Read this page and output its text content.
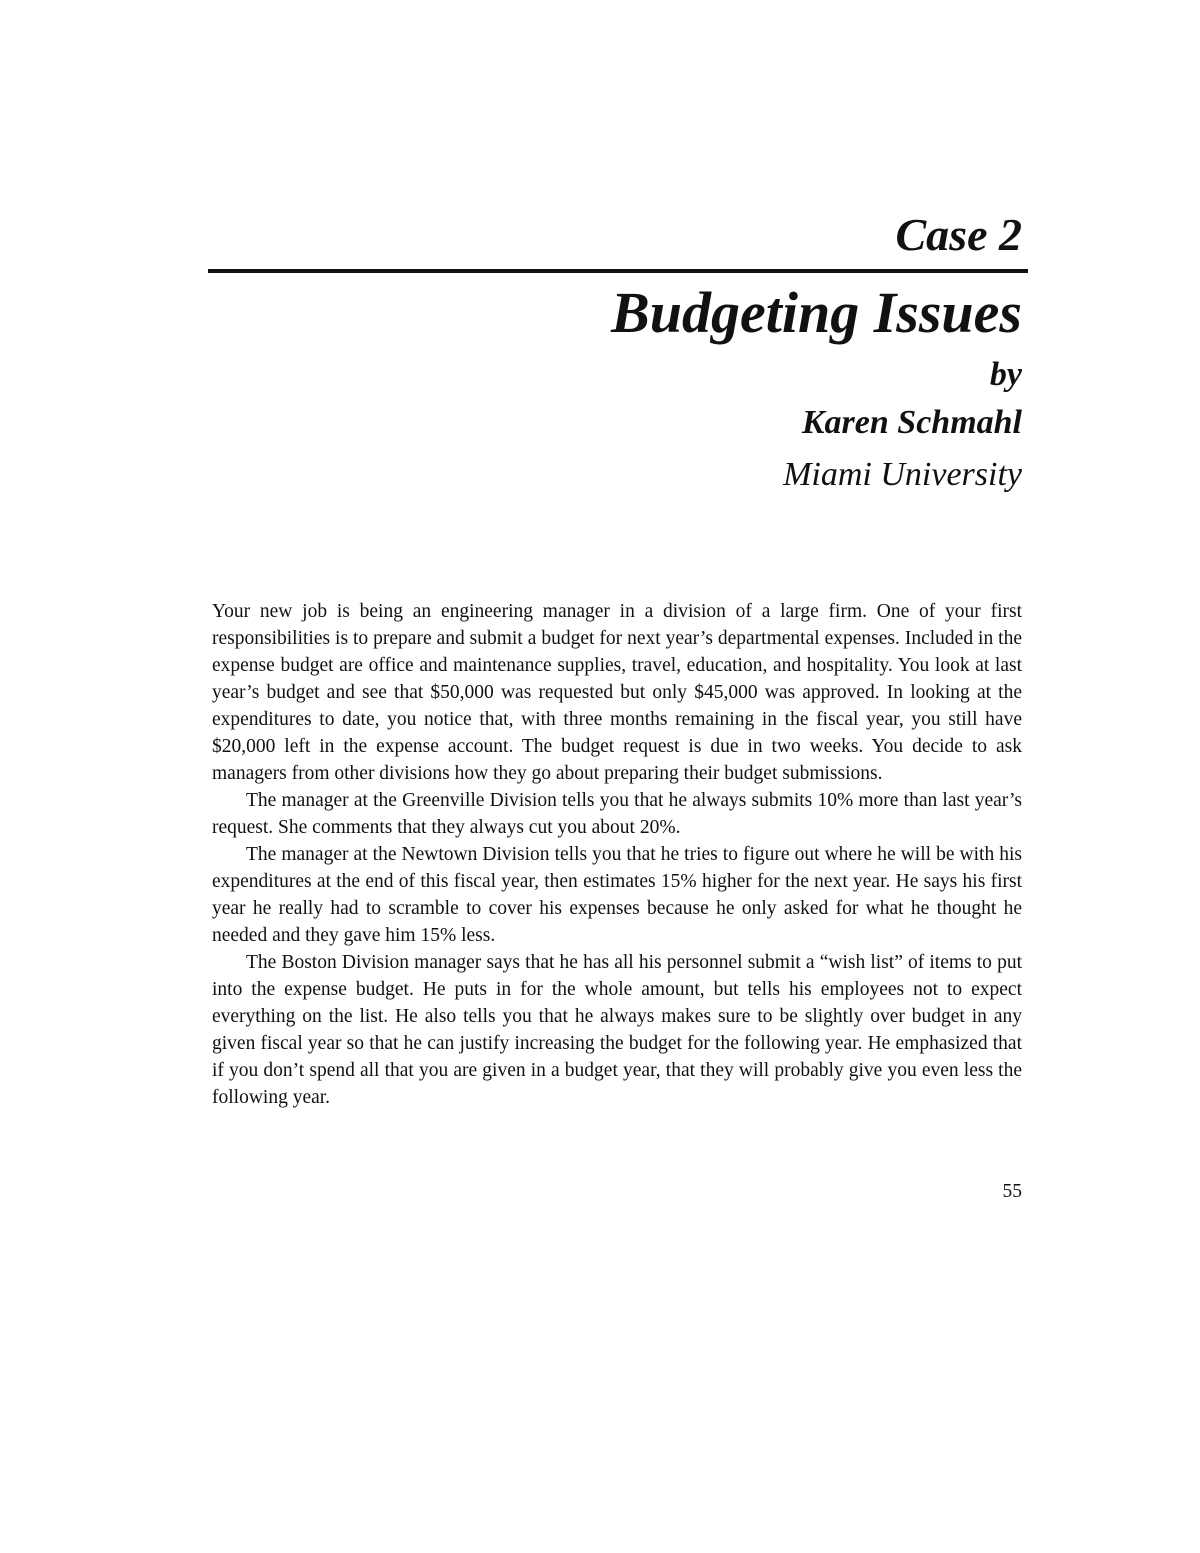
Case 2
Budgeting Issues
by
Karen Schmahl
Miami University

Your new job is being an engineering manager in a division of a large firm. One of your first responsibilities is to prepare and submit a budget for next year’s departmental expenses. Included in the expense budget are office and maintenance supplies, travel, education, and hospitality. You look at last year’s budget and see that $50,000 was requested but only $45,000 was approved. In looking at the expenditures to date, you notice that, with three months remaining in the fiscal year, you still have $20,000 left in the expense account. The budget request is due in two weeks. You decide to ask managers from other divisions how they go about preparing their budget submissions.

The manager at the Greenville Division tells you that he always submits 10% more than last year’s request. She comments that they always cut you about 20%.

The manager at the Newtown Division tells you that he tries to figure out where he will be with his expenditures at the end of this fiscal year, then estimates 15% higher for the next year. He says his first year he really had to scramble to cover his expenses because he only asked for what he thought he needed and they gave him 15% less.

The Boston Division manager says that he has all his personnel submit a “wish list” of items to put into the expense budget. He puts in for the whole amount, but tells his employees not to expect everything on the list. He also tells you that he always makes sure to be slightly over budget in any given fiscal year so that he can justify increasing the budget for the following year. He emphasized that if you don’t spend all that you are given in a budget year, that they will probably give you even less the following year.

55
